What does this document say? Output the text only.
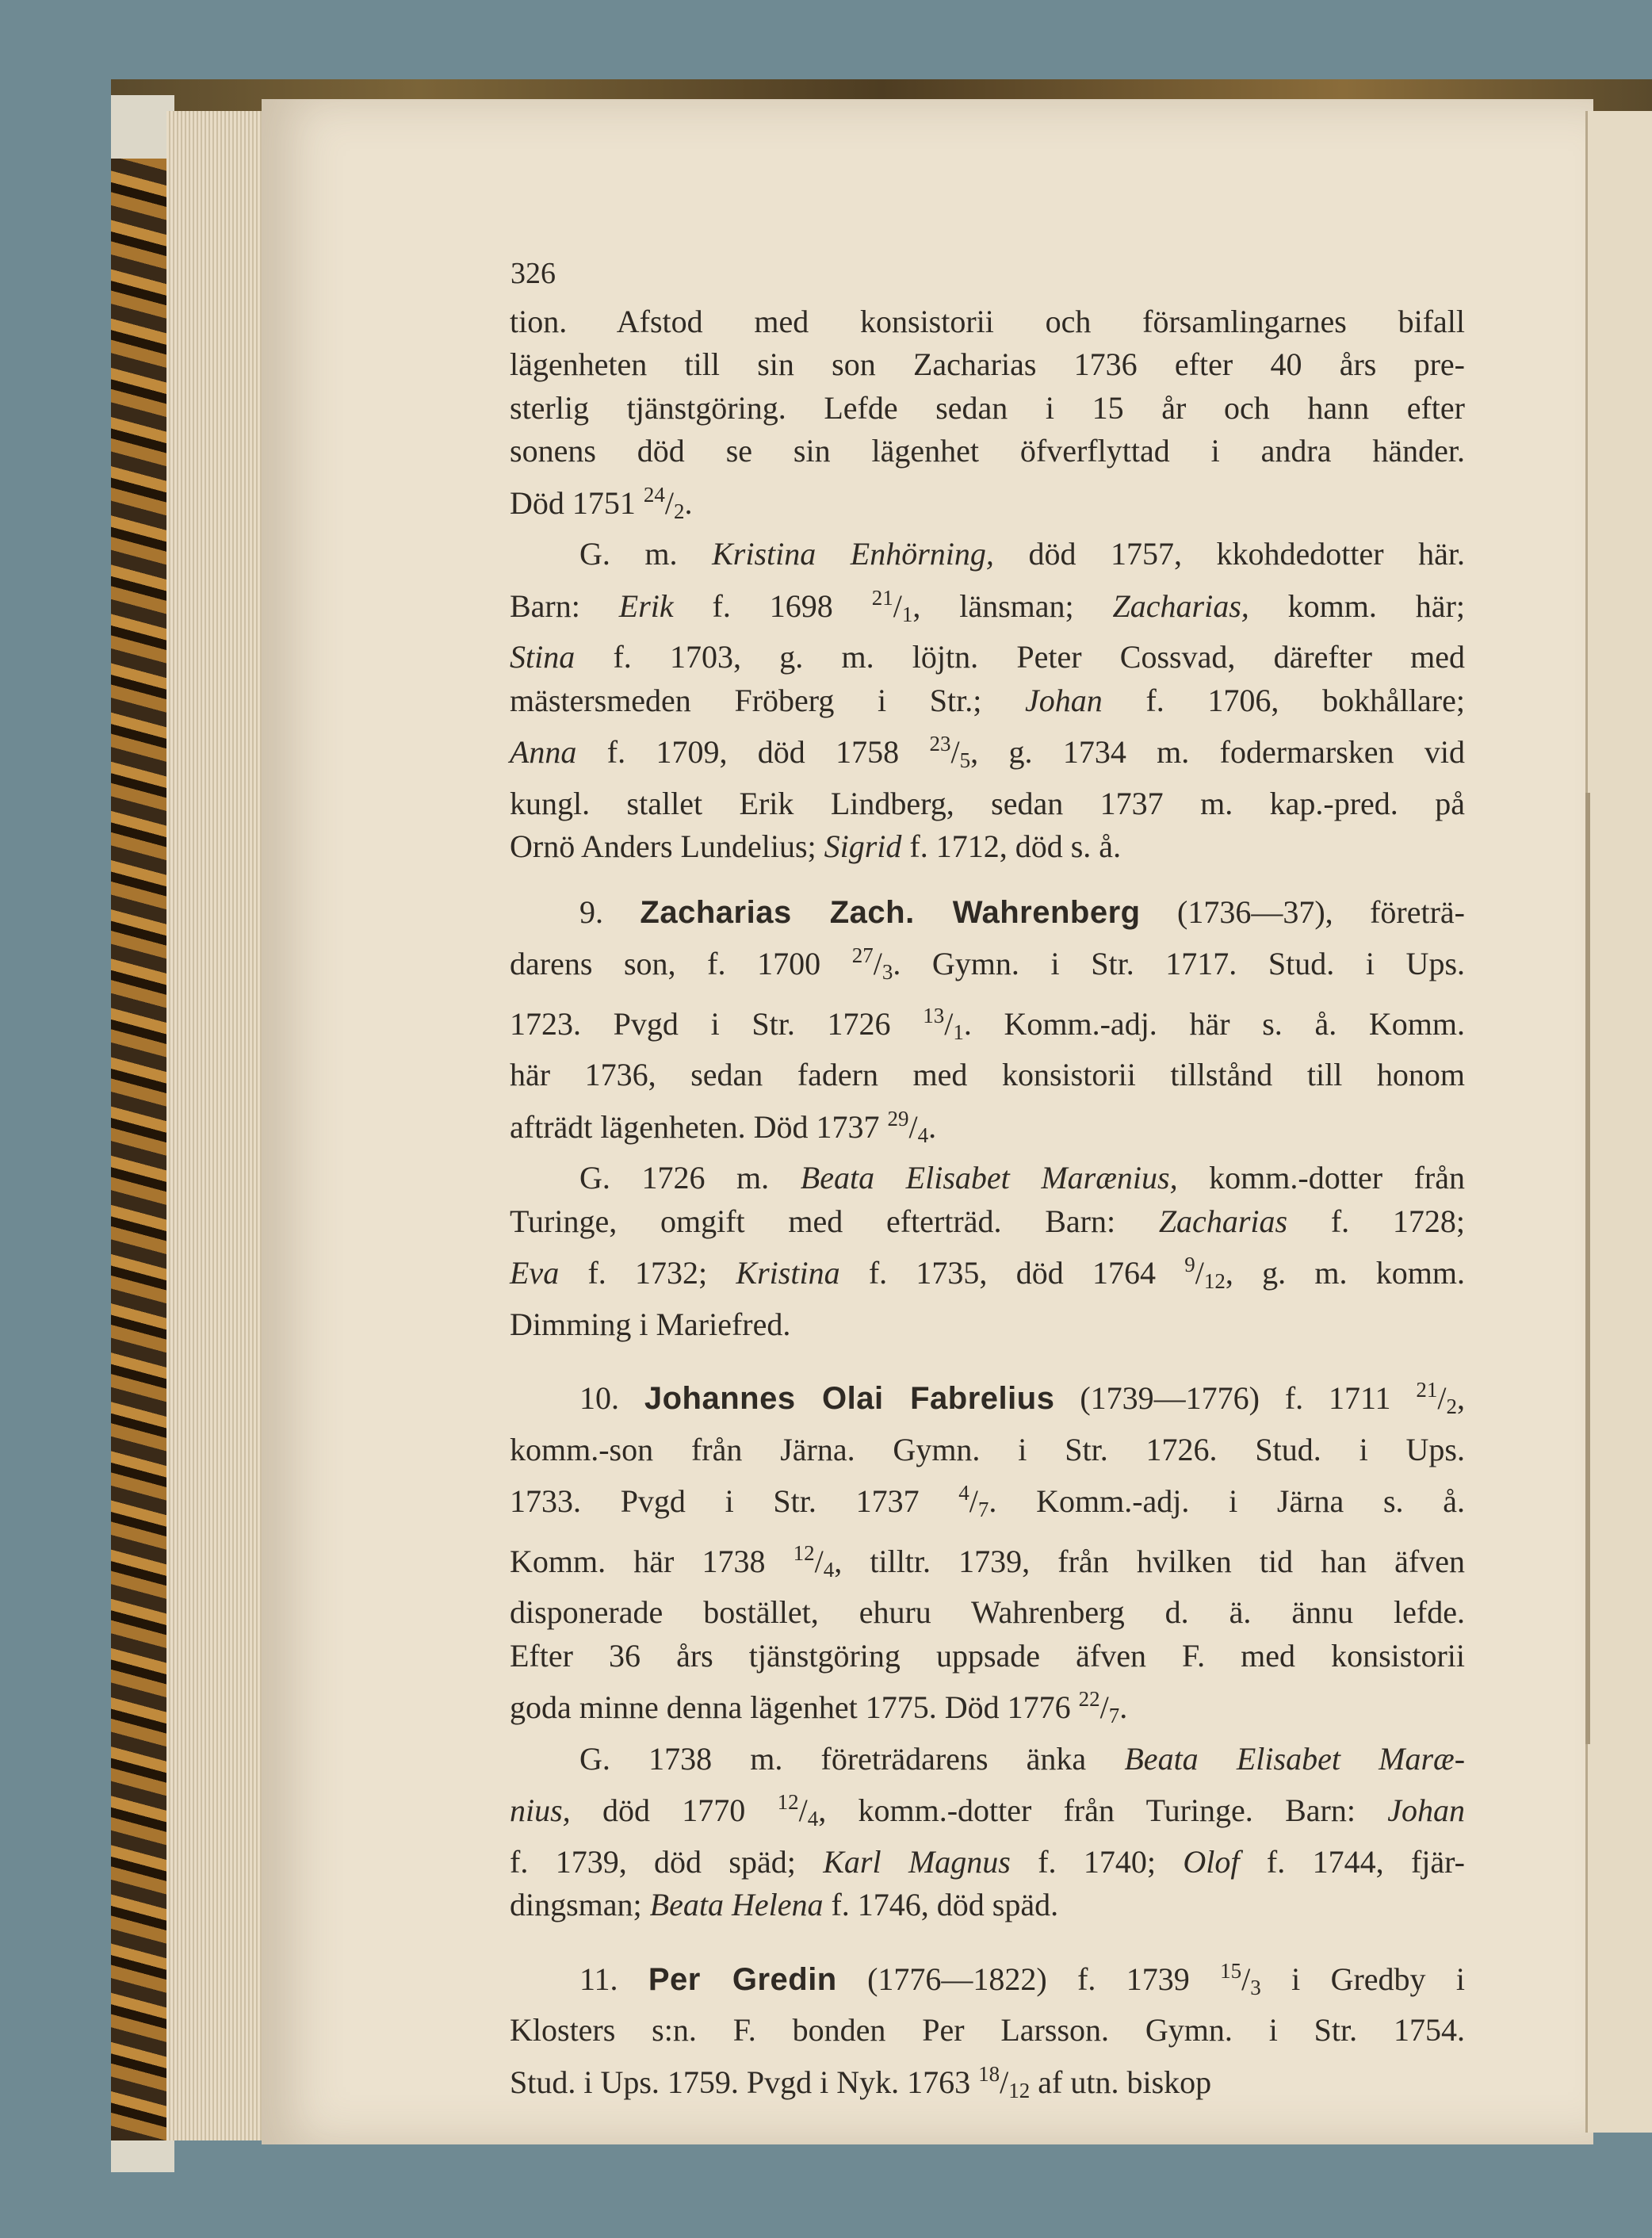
326
tion. Afstod med konsistorii och församlingarnes bifall
lägenheten till sin son Zacharias 1736 efter 40 års pre-
sterlig tjänstgöring. Lefde sedan i 15 år och hann efter
sonens död se sin lägenhet öfverflyttad i andra händer.
Död 1751 $^{24}$/2.
G. m. Kristina Enhörning, död 1757, kkohdedotter här.
Barn: Erik f. 1698 $^{21}$/1, länsman; Zacharias, komm. här;
Stina f. 1703, g. m. löjtn. Peter Cossvad, därefter med
mästersmeden Fröberg i Str.; Johan f. 1706, bokhållare;
Anna f. 1709, död 1758 $^{23}$/5, g. 1734 m. fodermarsken vid
kungl. stallet Erik Lindberg, sedan 1737 m. kap.-pred. på
Ornö Anders Lundelius; Sigrid f. 1712, död s. å.
9. Zacharias Zach. Wahrenberg (1736—37), företrä-
darens son, f. 1700 $^{27}$/3. Gymn. i Str. 1717. Stud. i Ups.
1723. Pvgd i Str. 1726 $^{13}$/1. Komm.-adj. här s. å. Komm.
här 1736, sedan fadern med konsistorii tillstånd till honom
afträdt lägenheten. Död 1737 $^{29}$/4.
G. 1726 m. Beata Elisabet Marænius, komm.-dotter från
Turinge, omgift med efterträd. Barn: Zacharias f. 1728;
Eva f. 1732; Kristina f. 1735, död 1764 $^9$/12, g. m. komm.
Dimming i Mariefred.
10. Johannes Olai Fabrelius (1739—1776) f. 1711 $^{21}$/2,
komm.-son från Järna. Gymn. i Str. 1726. Stud. i Ups.
1733. Pvgd i Str. 1737 $^4$/7. Komm.-adj. i Järna s. å.
Komm. här 1738 $^{12}$/4, tilltr. 1739, från hvilken tid han äfven
disponerade bostället, ehuru Wahrenberg d. ä. ännu lefde.
Efter 36 års tjänstgöring uppsade äfven F. med konsistorii
goda minne denna lägenhet 1775. Död 1776 $^{22}$/7.
G. 1738 m. företrädarens änka Beata Elisabet Maræ-
nius, död 1770 $^{12}$/4, komm.-dotter från Turinge. Barn: Johan
f. 1739, död späd; Karl Magnus f. 1740; Olof f. 1744, fjär-
dingsman; Beata Helena f. 1746, död späd.
11. Per Gredin (1776—1822) f. 1739 $^{15}$/3 i Gredby i
Klosters s:n. F. bonden Per Larsson. Gymn. i Str. 1754.
Stud. i Ups. 1759. Pvgd i Nyk. 1763 $^{18}$/12 af utn. biskop
